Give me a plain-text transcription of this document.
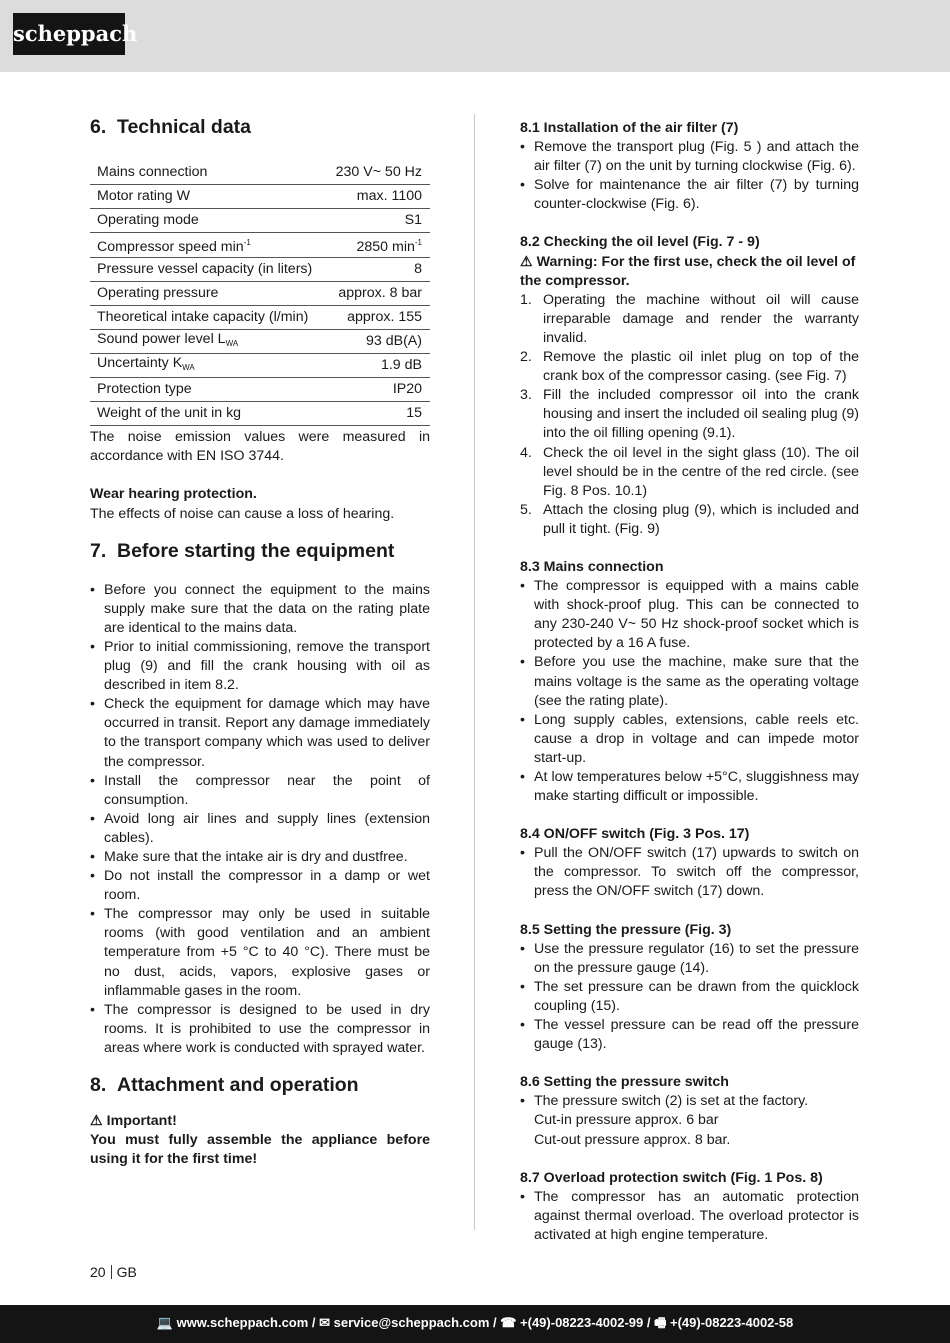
scheppach
6. Technical data
Mains connection	230 V~ 50 Hz
Motor rating W	max. 1100
Operating mode	S1
Compressor speed $\min^{-1}$	2850 $\min^{-1}$
Pressure vessel capacity (in liters)	8
Operating pressure	approx. 8 bar
Theoretical intake capacity (l/min)	approx. 155
Sound power level $L_{WA}$	93 dB(A)
Uncertainty $K_{WA}$	1.9 dB
Protection type	IP20
Weight of the unit in kg	15

The noise emission values were measured in accordance with EN ISO 3744.

Wear hearing protection.

The effects of noise can cause a loss of hearing.

7. Before starting the equipment
• Before you connect the equipment to the mains supply make sure that the data on the rating plate are identical to the mains data.
• Prior to initial commissioning, remove the transport plug (9) and fill the crank housing with oil as described in item 8.2.
• Check the equipment for damage which may have occurred in transit. Report any damage immediately to the transport company which was used to deliver the compressor.
• Install the compressor near the point of consumption.
• Avoid long air lines and supply lines (extension cables).
• Make sure that the intake air is dry and dustfree.
• Do not install the compressor in a damp or wet room.
• The compressor may only be used in suitable rooms (with good ventilation and an ambient temperature from +5 °C to 40 °C). There must be no dust, acids, vapors, explosive gases or inflammable gases in the room.
• The compressor is designed to be used in dry rooms. It is prohibited to use the compressor in areas where work is conducted with sprayed water.
8. Attachment and operation

⚠ Important!

You must fully assemble the appliance before using it for the first time!

8.1 Installation of the air filter (7)

• Remove the transport plug (Fig. 5 ) and attach the air filter (7) on the unit by turning clockwise (Fig. 6).
• Solve for maintenance the air filter (7) by turning counter-clockwise (Fig. 6).

8.2 Checking the oil level (Fig. 7 - 9)

⚠ Warning: For the first use, check the oil level of the compressor.

1. Operating the machine without oil will cause irreparable damage and render the warranty invalid.
2. Remove the plastic oil inlet plug on top of the crank box of the compressor casing. (see Fig. 7)
3. Fill the included compressor oil into the crank housing and insert the included oil sealing plug (9) into the oil filling opening (9.1).
4. Check the oil level in the sight glass (10). The oil level should be in the centre of the red circle. (see Fig. 8 Pos. 10.1)
5. Attach the closing plug (9), which is included and pull it tight. (Fig. 9)

8.3 Mains connection

• The compressor is equipped with a mains cable with shock-proof plug. This can be connected to any 230-240 V~ 50 Hz shock-proof socket which is protected by a 16 A fuse.
• Before you use the machine, make sure that the mains voltage is the same as the operating voltage (see the rating plate).
• Long supply cables, extensions, cable reels etc. cause a drop in voltage and can impede motor start-up.
• At low temperatures below +5°C, sluggishness may make starting difficult or impossible.

8.4 ON/OFF switch (Fig. 3 Pos. 17)

• Pull the ON/OFF switch (17) upwards to switch on the compressor. To switch off the compressor, press the ON/OFF switch (17) down.

8.5 Setting the pressure (Fig. 3)

• Use the pressure regulator (16) to set the pressure on the pressure gauge (14).
• The set pressure can be drawn from the quicklock coupling (15).
• The vessel pressure can be read off the pressure gauge (13).

8.6 Setting the pressure switch

• The pressure switch (2) is set at the factory.

Cut-in pressure approx. 6 bar

Cut-out pressure approx. 8 bar.

8.7 Overload protection switch (Fig. 1 Pos. 8)

• The compressor has an automatic protection against thermal overload. The overload protector is activated at high engine temperature.
20 GB
💻 www.scheppach.com / ✉ service@scheppach.com / ☎ +(49)-08223-4002-99 / 🖷 +(49)-08223-4002-58
